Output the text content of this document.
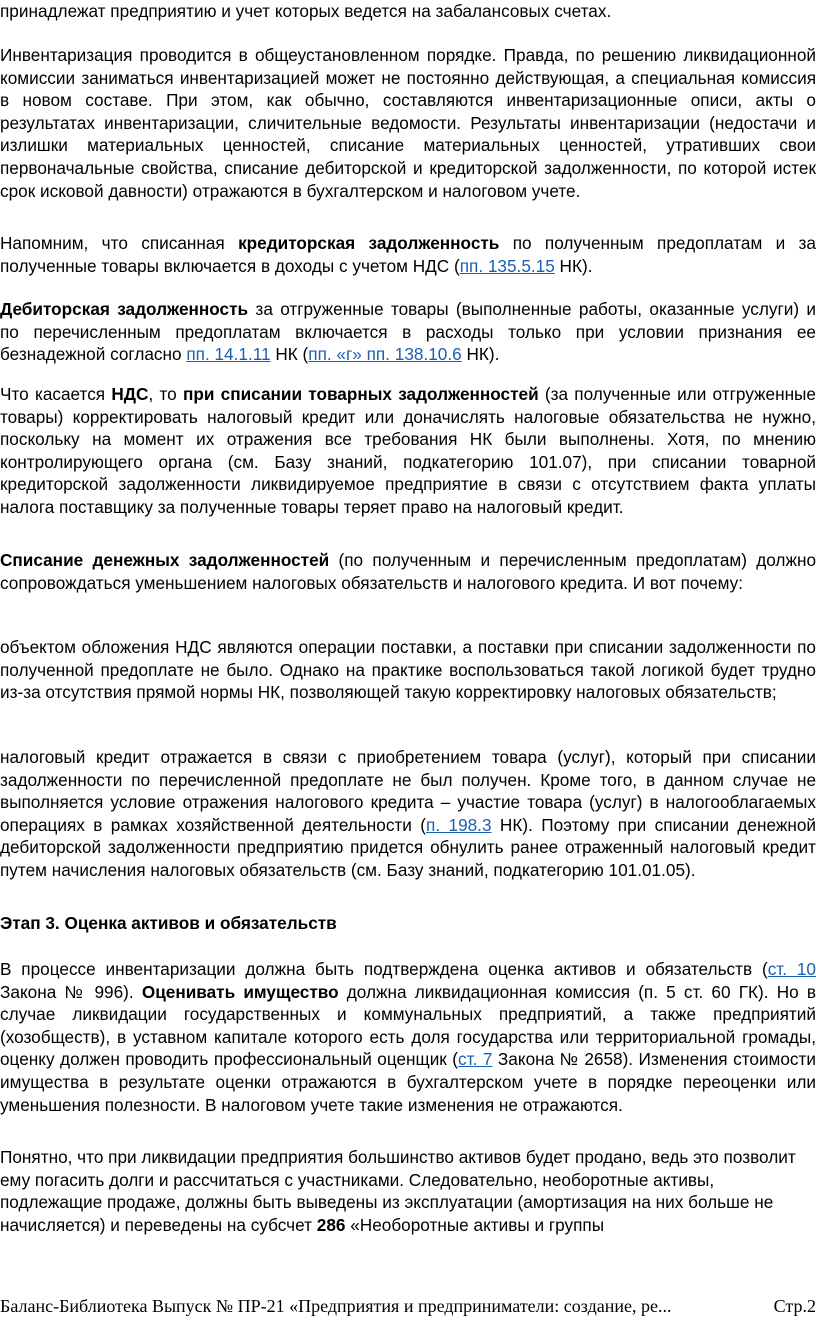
принадлежат предприятию и учет которых ведется на забалансовых счетах.

Инвентаризация проводится в общеустановленном порядке. Правда, по решению ликвидационной комиссии заниматься инвентаризацией может не постоянно действующая, а специальная комиссия в новом составе. При этом, как обычно, составляются инвентаризационные описи, акты о результатах инвентаризации, сличительные ведомости. Результаты инвентаризации (недостачи и излишки материальных ценностей, списание материальных ценностей, утративших свои первоначальные свойства, списание дебиторской и кредиторской задолженности, по которой истек срок исковой давности) отражаются в бухгалтерском и налоговом учете.

Напомним, что списанная кредиторская задолженность по полученным предоплатам и за полученные товары включается в доходы с учетом НДС (пп. 135.5.15 НК).

Дебиторская задолженность за отгруженные товары (выполненные работы, оказанные услуги) и по перечисленным предоплатам включается в расходы только при условии признания ее безнадежной согласно пп. 14.1.11 НК (пп. «г» пп. 138.10.6 НК).

Что касается НДС, то при списании товарных задолженностей (за полученные или отгруженные товары) корректировать налоговый кредит или доначислять налоговые обязательства не нужно, поскольку на момент их отражения все требования НК были выполнены. Хотя, по мнению контролирующего органа (см. Базу знаний, подкатегорию 101.07), при списании товарной кредиторской задолженности ликвидируемое предприятие в связи с отсутствием факта уплаты налога поставщику за полученные товары теряет право на налоговый кредит.

Списание денежных задолженностей (по полученным и перечисленным предоплатам) должно сопровождаться уменьшением налоговых обязательств и налогового кредита. И вот почему:

объектом обложения НДС являются операции поставки, а поставки при списании задолженности по полученной предоплате не было. Однако на практике воспользоваться такой логикой будет трудно из-за отсутствия прямой нормы НК, позволяющей такую корректировку налоговых обязательств;

налоговый кредит отражается в связи с приобретением товара (услуг), который при списании задолженности по перечисленной предоплате не был получен. Кроме того, в данном случае не выполняется условие отражения налогового кредита – участие товара (услуг) в налогооблагаемых операциях в рамках хозяйственной деятельности (п. 198.3 НК). Поэтому при списании денежной дебиторской задолженности предприятию придется обнулить ранее отраженный налоговый кредит путем начисления налоговых обязательств (см. Базу знаний, подкатегорию 101.01.05).

Этап 3. Оценка активов и обязательств

В процессе инвентаризации должна быть подтверждена оценка активов и обязательств (ст. 10 Закона № 996). Оценивать имущество должна ликвидационная комиссия (п. 5 ст. 60 ГК). Но в случае ликвидации государственных и коммунальных предприятий, а также предприятий (хозобществ), в уставном капитале которого есть доля государства или территориальной громады, оценку должен проводить профессиональный оценщик (ст. 7 Закона № 2658). Изменения стоимости имущества в результате оценки отражаются в бухгалтерском учете в порядке переоценки или уменьшения полезности. В налоговом учете такие изменения не отражаются.

Понятно, что при ликвидации предприятия большинство активов будет продано, ведь это позволит ему погасить долги и рассчитаться с участниками. Следовательно, необоротные активы, подлежащие продаже, должны быть выведены из эксплуатации (амортизация на них больше не начисляется) и переведены на субсчет 286 «Необоротные активы и группы

Баланс-Библиотека Выпуск № ПР-21 «Предприятия и предприниматели: создание, ре...	Стр.2
